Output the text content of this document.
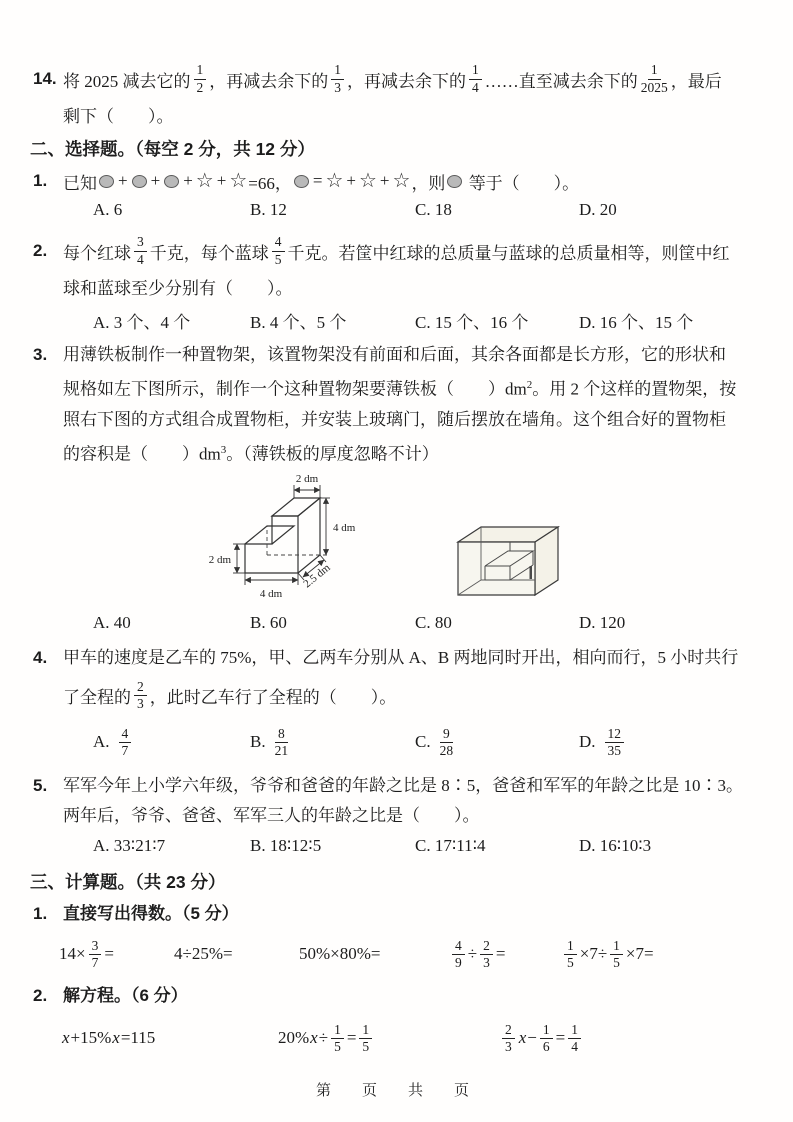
14. 将 2025 减去它的 $\frac{1}{2}$ ，再减去余下的 $\frac{1}{3}$ ，再减去余下的 $\frac{1}{4}$ ……直至减去余下的 $\frac{1}{2025}$ ，最后
剩下（　　）。
二、选择题。（每空 2 分，共 12 分）
1. 已知 + + + ☆ + ☆ =66， = ☆ + ☆ + ☆ ，则 等于（　　）。
A. 6	B. 12	C. 18	D. 20
2. 每个红球 $\frac{3}{4}$ 千克，每个蓝球 $\frac{4}{5}$ 千克。若筐中红球的总质量与蓝球的总质量相等，则筐中红
球和蓝球至少分别有（　　）。
A. 3 个、4 个	B. 4 个、5 个	C. 15 个、16 个	D. 16 个、15 个
3. 用薄铁板制作一种置物架，该置物架没有前面和后面，其余各面都是长方形，它的形状和
规格如左下图所示，制作一个这种置物架要薄铁板（　　）$dm^2$。用 2 个这样的置物架，按
照右下图的方式组合成置物柜，并安装上玻璃门，随后摆放在墙角。这个组合好的置物柜
的容积是（　　）$dm^3$。（薄铁板的厚度忽略不计）
2 dm
4 dm
2 dm
4 dm
2.5 dm
A. 40	B. 60	C. 80	D. 120
4. 甲车的速度是乙车的 75%，甲、乙两车分别从 A、B 两地同时开出，相向而行，5 小时共行
了全程的 $\frac{2}{3}$ ，此时乙车行了全程的（　　）。
A. $\frac{4}{7}$	B. $\frac{8}{21}$	C. $\frac{9}{28}$	D. $\frac{12}{35}$
5. 军军今年上小学六年级，爷爷和爸爸的年龄之比是 8∶5，爸爸和军军的年龄之比是 10∶3。
两年后，爷爷、爸爸、军军三人的年龄之比是（　　）。
A. 33∶21∶7	B. 18∶12∶5	C. 17∶11∶4	D. 16∶10∶3
三、计算题。（共 23 分）
1. 直接写出得数。（5 分）
$14\times \frac{3}{7}$ =	4÷25%=	50%×80%=	$\frac{4}{9} \div \frac{2}{3}$ =	$\frac{1}{5} \times 7\div \frac{1}{5} \times 7=$
2. 解方程。（6 分）
x +15% x =115	20% $x \div \frac{1}{5} = \frac{1}{5}$	$\frac{2}{3}$ $x - \frac{1}{6} = \frac{1}{4}$
第　页　共　页
